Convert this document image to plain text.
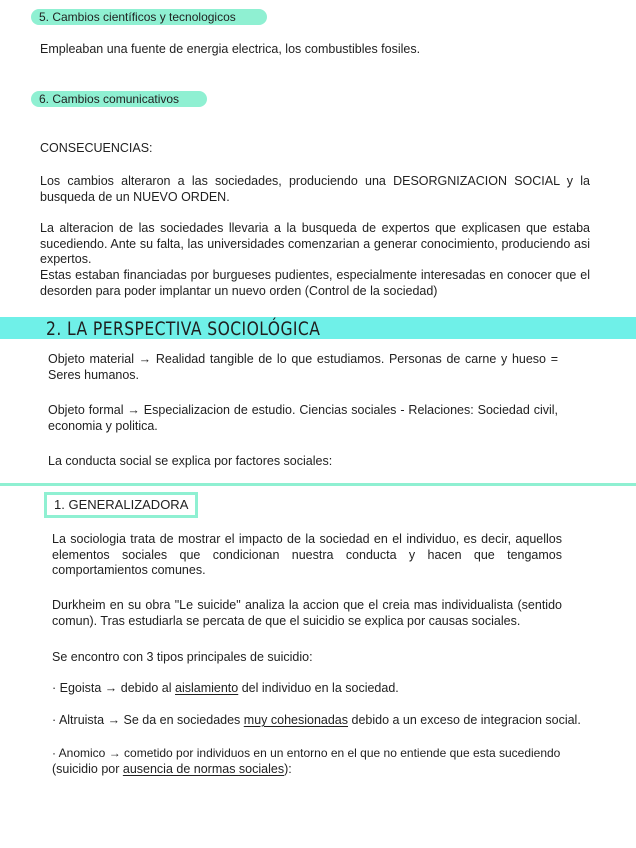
5. Cambios científicos y tecnologicos
Empleaban una fuente de energia electrica, los combustibles fosiles.
6. Cambios comunicativos
CONSECUENCIAS:

Los cambios alteraron a las sociedades, produciendo una DESORGNIZACION SOCIAL y la busqueda de un NUEVO ORDEN.

La alteracion de las sociedades llevaria a la busqueda de expertos que explicasen que estaba sucediendo. Ante su falta, las universidades comenzarian a generar conocimiento, produciendo asi expertos.

Estas estaban financiadas por burgueses pudientes, especialmente interesadas en conocer que el desorden para poder implantar un nuevo orden (Control de la sociedad)

2. LA PERSPECTIVA SOCIOLÓGICA

Objeto material → Realidad tangible de lo que estudiamos. Personas de carne y hueso = Seres humanos.

Objeto formal → Especializacion de estudio. Ciencias sociales - Relaciones: Sociedad civil, economia y politica.

La conducta social se explica por factores sociales:
1. GENERALIZADORA

La sociologia trata de mostrar el impacto de la sociedad en el individuo, es decir, aquellos elementos sociales que condicionan nuestra conducta y hacen que tengamos comportamientos comunes.

Durkheim en su obra "Le suicide" analiza la accion que el creia mas individualista (sentido comun). Tras estudiarla se percata de que el suicidio se explica por causas sociales.

Se encontro con 3 tipos principales de suicidio:
· Egoista → debido al aislamiento del individuo en la sociedad.
· Altruista → Se da en sociedades muy cohesionadas debido a un exceso de integracion social.
· Anomico → cometido por individuos en un entorno en el que no entiende que esta sucediendo
(suicidio por ausencia de normas sociales):
